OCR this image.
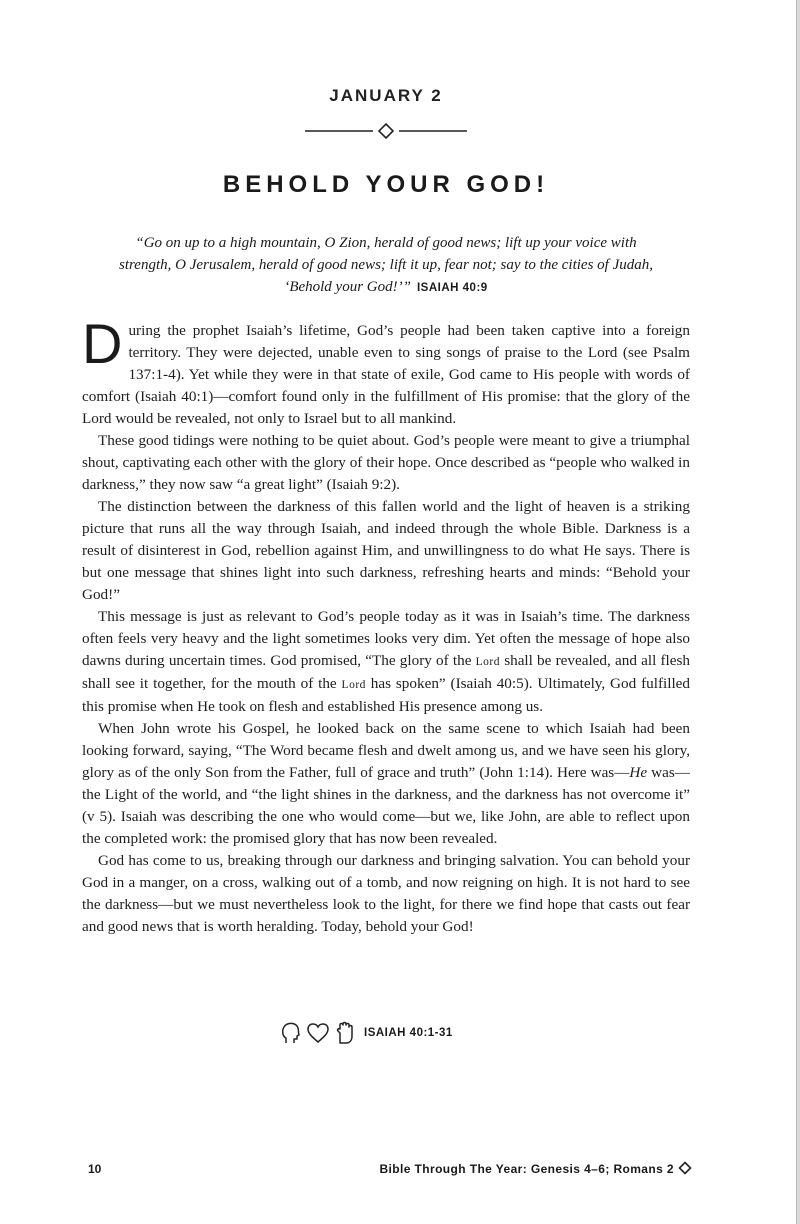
JANUARY 2
BEHOLD YOUR GOD!
“Go on up to a high mountain, O Zion, herald of good news; lift up your voice with strength, O Jerusalem, herald of good news; lift it up, fear not; say to the cities of Judah, ‘Behold your God!’” ISAIAH 40:9

During the prophet Isaiah’s lifetime, God’s people had been taken captive into a foreign territory. They were dejected, unable even to sing songs of praise to the Lord (see Psalm 137:1-4). Yet while they were in that state of exile, God came to His people with words of comfort (Isaiah 40:1)—comfort found only in the fulfillment of His promise: that the glory of the Lord would be revealed, not only to Israel but to all mankind.

These good tidings were nothing to be quiet about. God’s people were meant to give a triumphal shout, captivating each other with the glory of their hope. Once described as “people who walked in darkness,” they now saw “a great light” (Isaiah 9:2).

The distinction between the darkness of this fallen world and the light of heaven is a striking picture that runs all the way through Isaiah, and indeed through the whole Bible. Darkness is a result of disinterest in God, rebellion against Him, and unwillingness to do what He says. There is but one message that shines light into such darkness, refreshing hearts and minds: “Behold your God!”

This message is just as relevant to God’s people today as it was in Isaiah’s time. The darkness often feels very heavy and the light sometimes looks very dim. Yet often the message of hope also dawns during uncertain times. God promised, “The glory of the Lord shall be revealed, and all flesh shall see it together, for the mouth of the Lord has spoken” (Isaiah 40:5). Ultimately, God fulfilled this promise when He took on flesh and established His presence among us.

When John wrote his Gospel, he looked back on the same scene to which Isaiah had been looking forward, saying, “The Word became flesh and dwelt among us, and we have seen his glory, glory as of the only Son from the Father, full of grace and truth” (John 1:14). Here was—He was—the Light of the world, and “the light shines in the darkness, and the darkness has not overcome it” (v 5). Isaiah was describing the one who would come—but we, like John, are able to reflect upon the completed work: the promised glory that has now been revealed.

God has come to us, breaking through our darkness and bringing salvation. You can behold your God in a manger, on a cross, walking out of a tomb, and now reigning on high. It is not hard to see the darkness—but we must nevertheless look to the light, for there we find hope that casts out fear and good news that is worth heralding. Today, behold your God!

ISAIAH 40:1-31
10	Bible Through The Year: Genesis 4–6; Romans 2
